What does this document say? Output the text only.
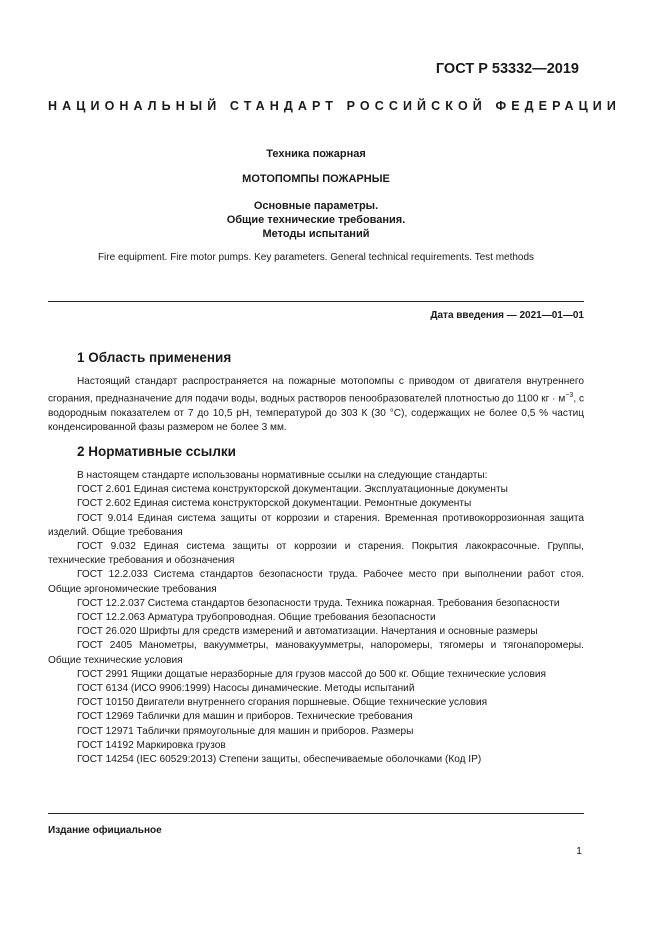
ГОСТ Р 53332—2019
НАЦИОНАЛЬНЫЙ СТАНДАРТ РОССИЙСКОЙ ФЕДЕРАЦИИ
Техника пожарная
МОТОПОМПЫ ПОЖАРНЫЕ
Основные параметры.
Общие технические требования.
Методы испытаний
Fire equipment. Fire motor pumps. Key parameters. General technical requirements. Test methods
Дата введения — 2021—01—01
1 Область применения
Настоящий стандарт распространяется на пожарные мотопомпы с приводом от двигателя внутреннего сгорания, предназначение для подачи воды, водных растворов пенообразователей плотностью до 1100 кг · $м^{-3}$, с водородным показателем от 7 до 10,5 pH, температурой до 303 К (30 °С), содержащих не более 0,5 % частиц конденсированной фазы размером не более 3 мм.
2 Нормативные ссылки
В настоящем стандарте использованы нормативные ссылки на следующие стандарты:
ГОСТ 2.601 Единая система конструкторской документации. Эксплуатационные документы
ГОСТ 2.602 Единая система конструкторской документации. Ремонтные документы
ГОСТ 9.014 Единая система защиты от коррозии и старения. Временная противокоррозионная защита изделий. Общие требования
ГОСТ 9.032 Единая система защиты от коррозии и старения. Покрытия лакокрасочные. Группы, технические требования и обозначения
ГОСТ 12.2.033 Система стандартов безопасности труда. Рабочее место при выполнении работ стоя. Общие эргономические требования
ГОСТ 12.2.037 Система стандартов безопасности труда. Техника пожарная. Требования безопасности
ГОСТ 12.2.063 Арматура трубопроводная. Общие требования безопасности
ГОСТ 26.020 Шрифты для средств измерений и автоматизации. Начертания и основные размеры
ГОСТ 2405 Манометры, вакуумметры, мановакуумметры, напоромеры, тягомеры и тягонапоромеры. Общие технические условия
ГОСТ 2991 Ящики дощатые неразборные для грузов массой до 500 кг. Общие технические условия
ГОСТ 6134 (ИСО 9906:1999) Насосы динамические. Методы испытаний
ГОСТ 10150 Двигатели внутреннего сгорания поршневые. Общие технические условия
ГОСТ 12969 Таблички для машин и приборов. Технические требования
ГОСТ 12971 Таблички прямоугольные для машин и приборов. Размеры
ГОСТ 14192 Маркировка грузов
ГОСТ 14254 (IEC 60529:2013) Степени защиты, обеспечиваемые оболочками (Код IP)
Издание официальное
1
